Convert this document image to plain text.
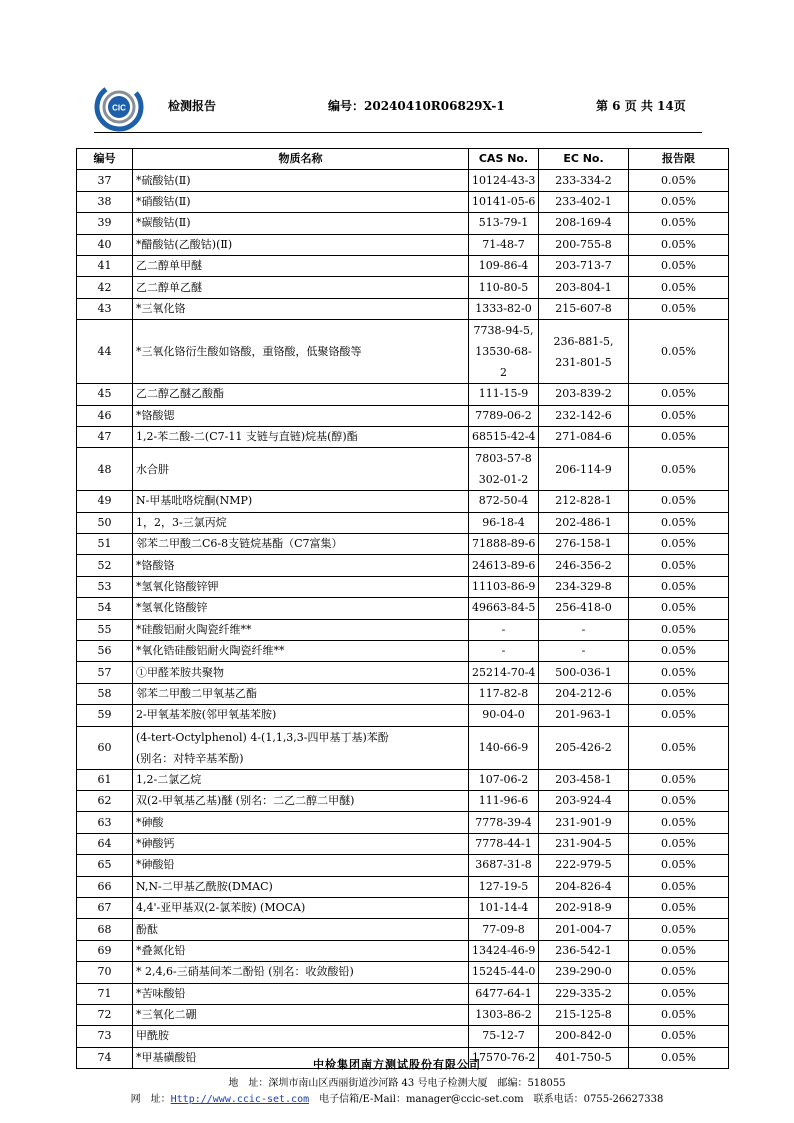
CIC	检测报告	编号：20240410R06829X-1	第 6 页 共 14页
编号	物质名称	CAS No.	EC No.	报告限
37	*硫酸钴(Ⅱ)	10124-43-3	233-334-2	0.05%
38	*硝酸钴(Ⅱ)	10141-05-6	233-402-1	0.05%
39	*碳酸钴(Ⅱ)	513-79-1	208-169-4	0.05%
40	*醋酸钴(乙酸钴)(Ⅱ)	71-48-7	200-755-8	0.05%
41	乙二醇单甲醚	109-86-4	203-713-7	0.05%
42	乙二醇单乙醚	110-80-5	203-804-1	0.05%
43	*三氧化铬	1333-82-0	215-607-8	0.05%
44	*三氧化铬衍生酸如铬酸，重铬酸，低聚铬酸等	7738-94-5,
13530-68-2	236-881-5,
231-801-5	0.05%
45	乙二醇乙醚乙酸酯	111-15-9	203-839-2	0.05%
46	*铬酸锶	7789-06-2	232-142-6	0.05%
47	1,2-苯二酸-二(C7-11 支链与直链)烷基(醇)酯	68515-42-4	271-084-6	0.05%
48	水合肼	7803-57-8
302-01-2	206-114-9	0.05%
49	N-甲基吡咯烷酮(NMP)	872-50-4	212-828-1	0.05%
50	1，2，3-三氯丙烷	96-18-4	202-486-1	0.05%
51	邻苯二甲酸二C6-8支链烷基酯（C7富集）	71888-89-6	276-158-1	0.05%
52	*铬酸铬	24613-89-6	246-356-2	0.05%
53	*氢氧化铬酸锌钾	11103-86-9	234-329-8	0.05%
54	*氢氧化铬酸锌	49663-84-5	256-418-0	0.05%
55	*硅酸铝耐火陶瓷纤维**	-	-	0.05%
56	*氧化锆硅酸铝耐火陶瓷纤维**	-	-	0.05%
57	①甲醛苯胺共聚物	25214-70-4	500-036-1	0.05%
58	邻苯二甲酸二甲氧基乙酯	117-82-8	204-212-6	0.05%
59	2-甲氧基苯胺(邻甲氧基苯胺)	90-04-0	201-963-1	0.05%
60	(4-tert-Octylphenol) 4-(1,1,3,3-四甲基丁基)苯酚
(别名：对特辛基苯酚)	140-66-9	205-426-2	0.05%
61	1,2-二氯乙烷	107-06-2	203-458-1	0.05%
62	双(2-甲氧基乙基)醚 (别名：二乙二醇二甲醚)	111-96-6	203-924-4	0.05%
63	*砷酸	7778-39-4	231-901-9	0.05%
64	*砷酸钙	7778-44-1	231-904-5	0.05%
65	*砷酸铅	3687-31-8	222-979-5	0.05%
66	N,N-二甲基乙酰胺(DMAC)	127-19-5	204-826-4	0.05%
67	4,4'-亚甲基双(2-氯苯胺) (MOCA)	101-14-4	202-918-9	0.05%
68	酚酞	77-09-8	201-004-7	0.05%
69	*叠氮化铅	13424-46-9	236-542-1	0.05%
70	* 2,4,6-三硝基间苯二酚铅 (别名：收敛酸铅)	15245-44-0	239-290-0	0.05%
71	*苦味酸铅	6477-64-1	229-335-2	0.05%
72	*三氧化二硼	1303-86-2	215-125-8	0.05%
73	甲酰胺	75-12-7	200-842-0	0.05%
74	*甲基磺酸铅	17570-76-2	401-750-5	0.05%
中检集团南方测试股份有限公司
地　址：深圳市南山区西丽街道沙河路 43 号电子检测大厦　邮编：518055
网　址：Http://www.ccic-set.com　电子信箱/E-Mail：manager@ccic-set.com　联系电话：0755-26627338
